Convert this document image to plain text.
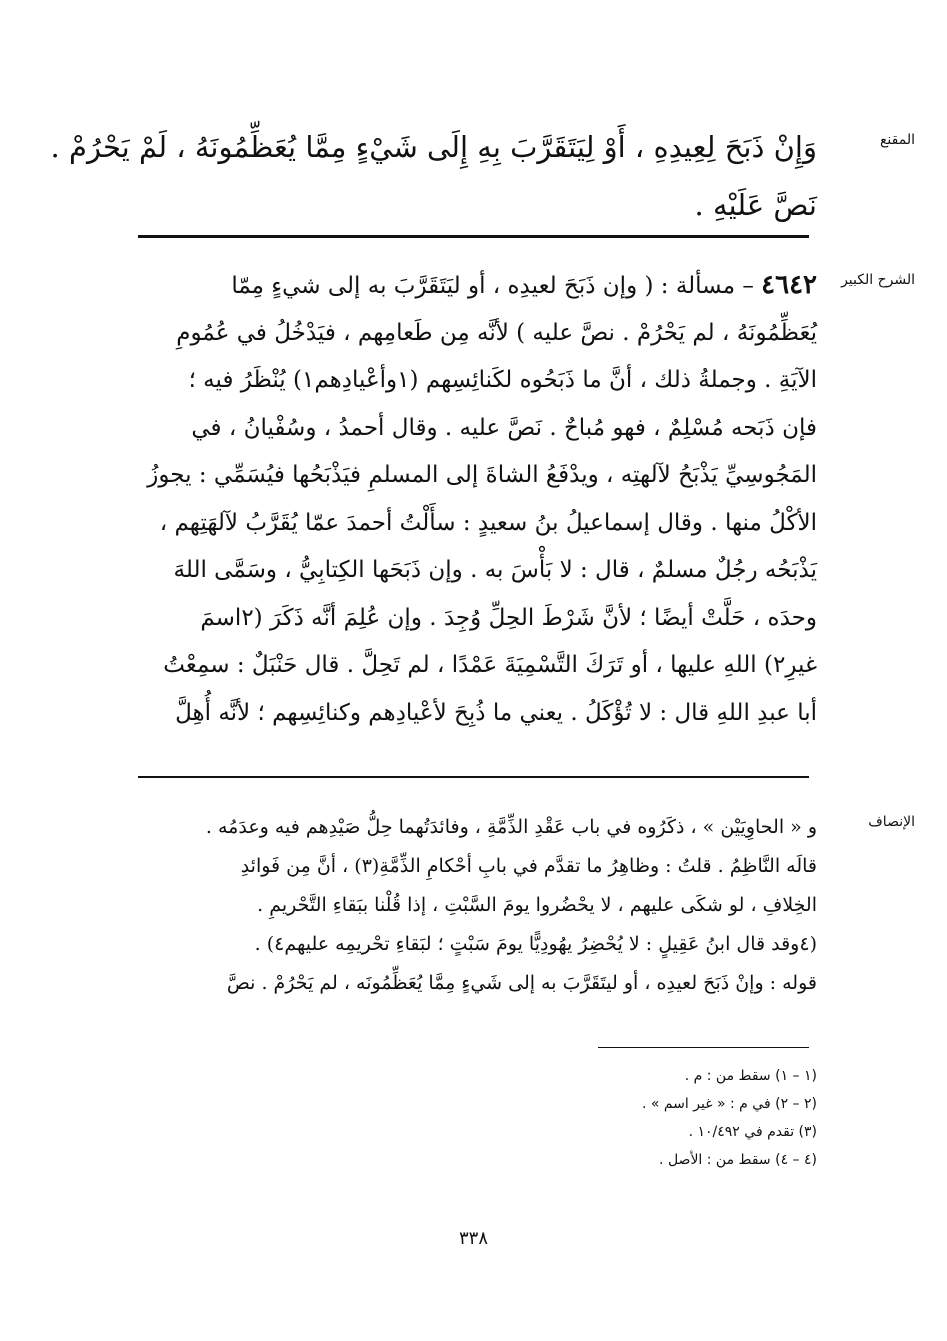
المقنع
وَإِنْ ذَبَحَ لِعِيدِهِ ، أَوْ لِيَتَقَرَّبَ بِهِ إِلَى شَيْءٍ مِمَّا يُعَظِّمُونَهُ ، لَمْ يَحْرُمْ .
نَصَّ عَلَيْهِ .
الشرح الكبير
٤٦٤٢ – مسألة : ( وإن ذَبَحَ لعيدِه ، أو ليَتَقَرَّبَ به إلى شيءٍ مِمّا
يُعَظِّمُونَهُ ، لم يَحْرُمْ . نصَّ عليه ) لأنَّه مِن طَعامِهم ، فيَدْخُلُ في عُمُومِ
الآيَةِ . وجملةُ ذلك ، أنَّ ما ذَبَحُوه لكَنائِسِهم (١وأعْيادِهم١) يُنْظَرُ فيه ؛
فإن ذَبَحه مُسْلِمٌ ، فهو مُباحٌ . نَصَّ عليه . وقال أحمدُ ، وسُفْيانُ ، في
المَجُوسِيِّ يَذْبَحُ لآلهتِه ، ويدْفَعُ الشاةَ إلى المسلمِ فيَذْبَحُها فيُسَمِّي : يجوزُ
الأكْلُ منها . وقال إسماعيلُ بنُ سعيدٍ : سأَلْتُ أحمدَ عمّا يُقَرَّبُ لآلهَتِهم ،
يَذْبَحُه رجُلٌ مسلمٌ ، قال : لا بَأْسَ به . وإن ذَبَحَها الكِتابِيُّ ، وسَمَّى اللهَ
وحدَه ، حَلَّتْ أيضًا ؛ لأنَّ شَرْطَ الحِلِّ وُجِدَ . وإن عُلِمَ أنَّه ذَكَرَ (٢اسمَ
غيرِ٢) اللهِ عليها ، أو تَرَكَ التَّسْمِيَةَ عَمْدًا ، لم تَحِلَّ . قال حَنْبَلٌ : سمِعْتُ
أبا عبدِ اللهِ قال : لا تُؤْكَلُ . يعني ما ذُبِحَ لأعْيادِهم وكنائِسِهم ؛ لأنَّه أُهِلَّ
الإنصاف
و « الحاوِيَيْن » ، ذكَرُوه في باب عَقْدِ الذِّمَّةِ ، وفائدَتُهما حِلُّ صَيْدِهم فيه وعدَمُه .
قالَه النَّاظِمُ . قلتُ : وظاهِرُ ما تقدَّم في بابِ أحْكامِ الذِّمَّةِ(٣) ، أنَّ مِن فَوائدِ
الخِلافِ ، لو شكَى عليهم ، لا يحْضُروا يومَ السَّبْتِ ، إذا قُلْنا ببَقاءِ التَّحْريمِ .
(٤وقد قال ابنُ عَقِيلٍ : لا يُحْضِرُ يهُودِيًّا يومَ سَبْتٍ ؛ لبَقاءِ تحْريمِه عليهم٤) .
قوله : وإنْ ذَبَحَ لعيدِه ، أو ليتَقَرَّبَ به إلى شَيءٍ مِمَّا يُعَظِّمُونَه ، لم يَحْرُمْ . نصَّ
(١ – ١) سقط من : م .
(٢ – ٢) في م : « غير اسم » .
(٣) تقدم في ١٠/٤٩٢ .
(٤ – ٤) سقط من : الأصل .
٣٣٨
